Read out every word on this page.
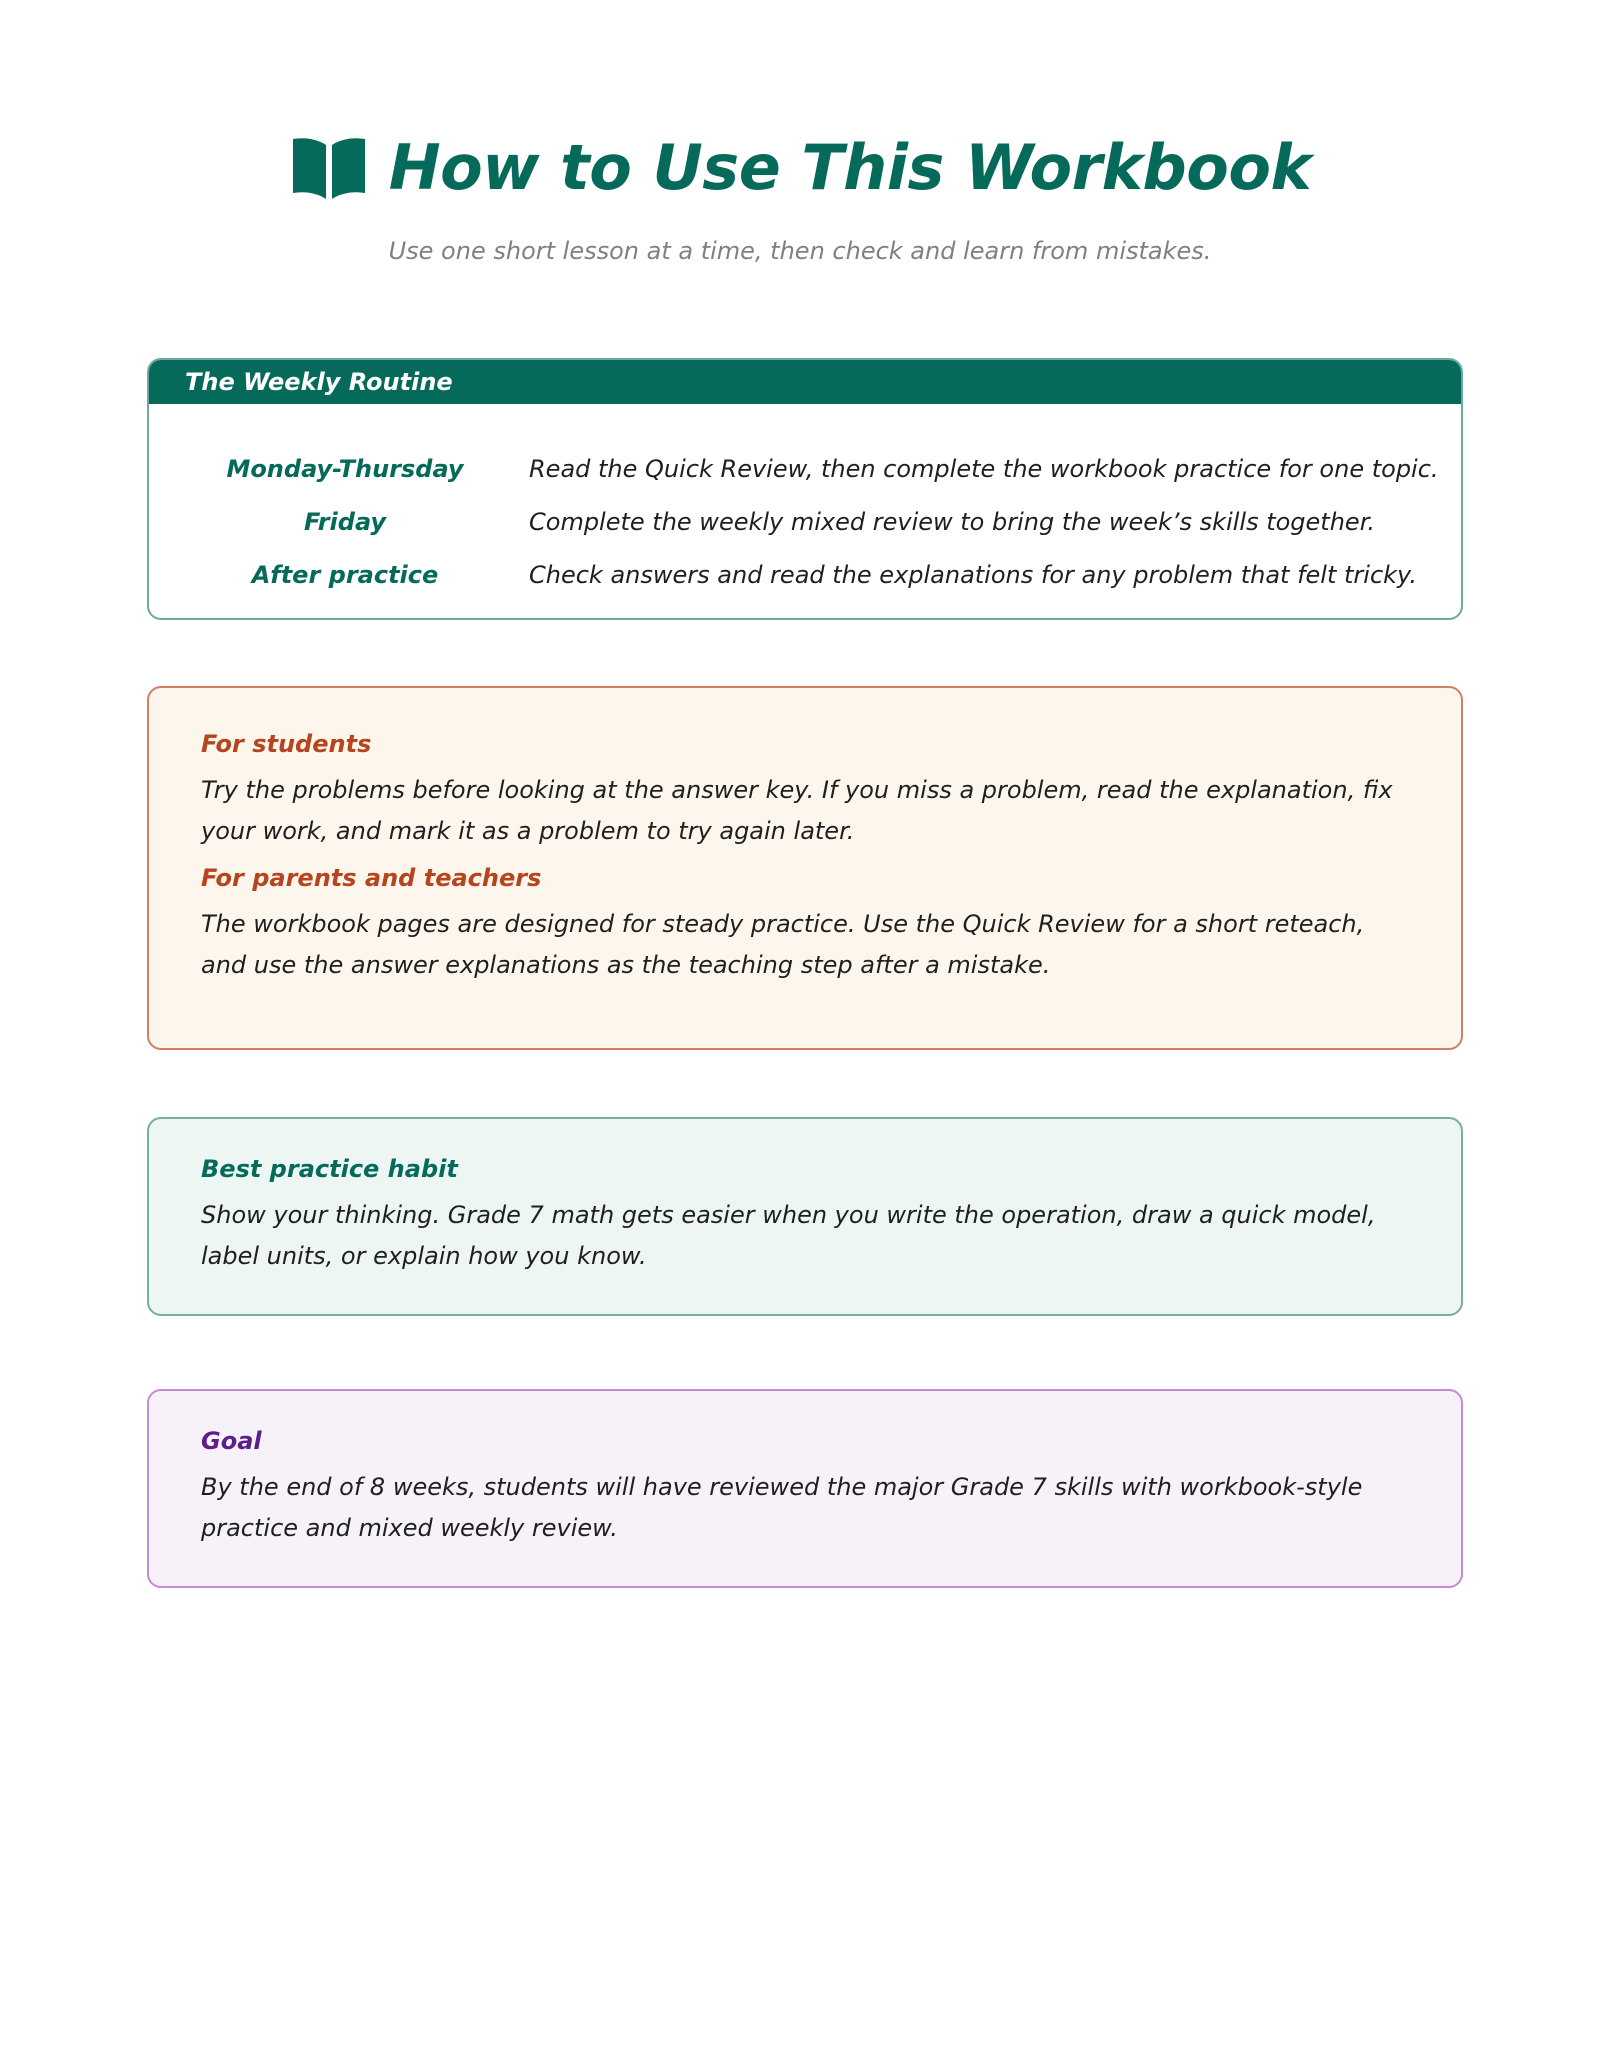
How to Use This Workbook
Use one short lesson at a time, then check and learn from mistakes.
The Weekly Routine
Monday-Thursday	Read the Quick Review, then complete the workbook practice for one topic.
Friday	Complete the weekly mixed review to bring the week’s skills together.
After practice	Check answers and read the explanations for any problem that felt tricky.
For students
Try the problems before looking at the answer key. If you miss a problem, read the explanation, fix your work, and mark it as a problem to try again later.
For parents and teachers
The workbook pages are designed for steady practice. Use the Quick Review for a short reteach, and use the answer explanations as the teaching step after a mistake.
Best practice habit
Show your thinking. Grade 7 math gets easier when you write the operation, draw a quick model, label units, or explain how you know.
Goal
By the end of 8 weeks, students will have reviewed the major Grade 7 skills with workbook-style practice and mixed weekly review.
